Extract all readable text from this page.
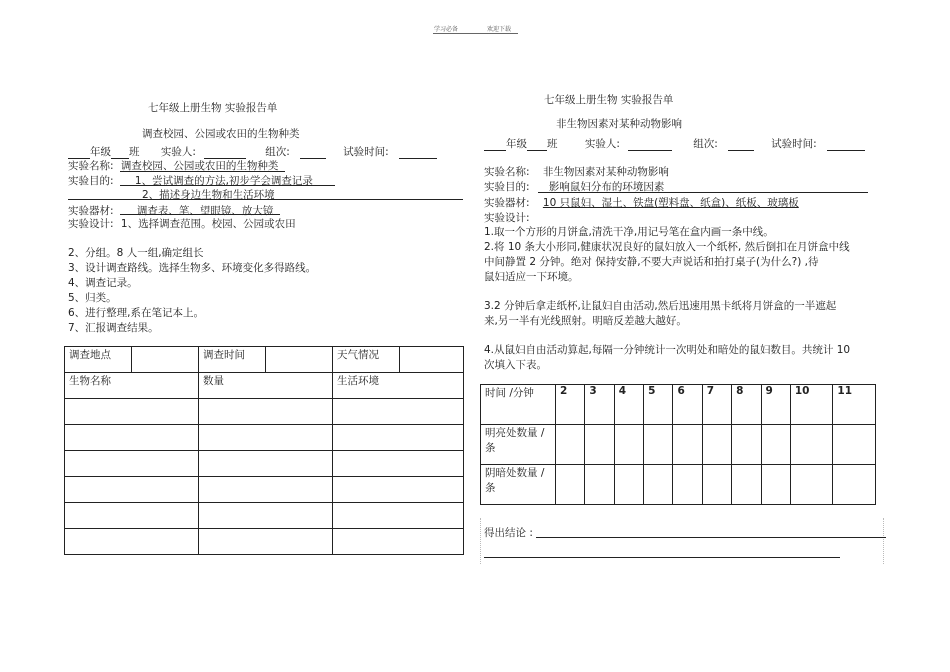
学习必备	欢迎下载
七年级上册生物 实验报告单
调查校园、公园或农田的生物种类
年级 班 实验人:	组次:	试验时间:
实验名称: 调查校园、公园或农田的生物种类
实验目的: 1、尝试调查的方法,初步学会调查记录
2、描述身边生物和生活环境
实验器材: 调查表、笔、望眼镜、放大镜
实验设计: 1、选择调查范围。校园、公园或农田
2、分组。8 人一组,确定组长
3、设计调查路线。选择生物多、环境变化多得路线。
4、调查记录。
5、归类。
6、进行整理,系在笔记本上。
7、汇报调查结果。
调查地点		调查时间		天气情况	
生物名称		数量		生活环境	

七年级上册生物 实验报告单
非生物因素对某种动物影响
年级 班	实验人:	组次:	试验时间:
实验名称: 非生物因素对某种动物影响
实验目的: 影响鼠妇分布的环境因素
实验器材: 10 只鼠妇、湿土、铁盘(塑料盘、纸盒)、纸板、玻璃板
实验设计:
1.取一个方形的月饼盒,清洗干净,用记号笔在盒内画一条中线。
2.将 10 条大小形同,健康状况良好的鼠妇放入一个纸杯, 然后倒扣在月饼盒中线
中间静置 2 分钟。绝对 保持安静,不要大声说话和拍打桌子(为什么?) ,待
鼠妇适应一下环境。
3.2 分钟后拿走纸杯,让鼠妇自由活动,然后迅速用黑卡纸将月饼盒的一半遮起
来,另一半有光线照射。明暗反差越大越好。
4.从鼠妇自由活动算起,每隔一分钟统计一次明处和暗处的鼠妇数目。共统计 10
次填入下表。
时间 /分钟	2	3	4	5	6	7	8	9	10	11
明亮处数量 /
条										
阴暗处数量 /
条										
得出结论 :
